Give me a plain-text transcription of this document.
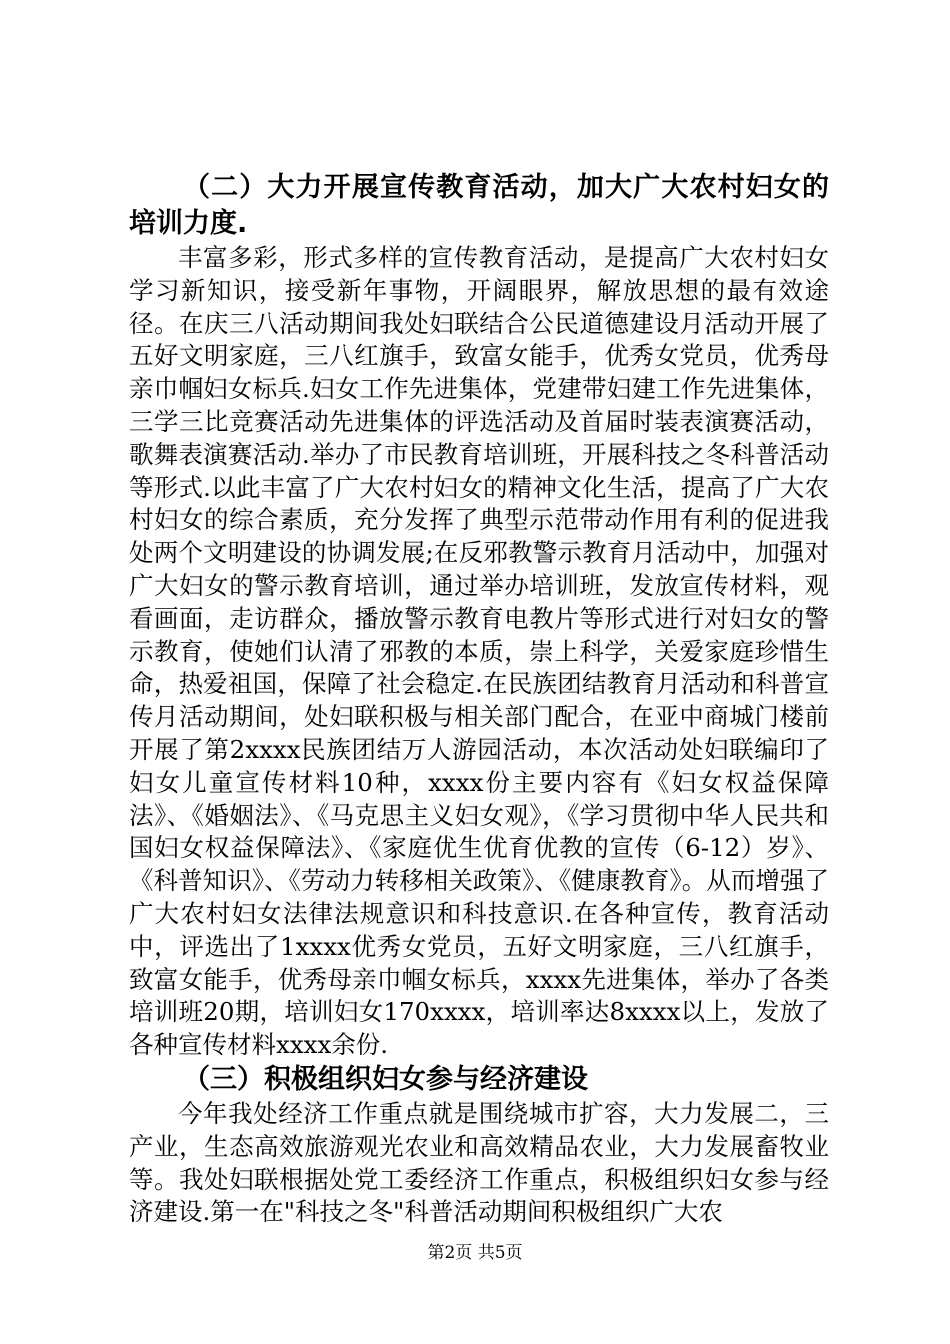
（二）大力开展宣传教育活动，加大广大农村妇女的培训力度.

丰富多彩，形式多样的宣传教育活动，是提高广大农村妇女学习新知识，接受新年事物，开阔眼界，解放思想的最有效途径。在庆三八活动期间我处妇联结合公民道德建设月活动开展了五好文明家庭，三八红旗手，致富女能手，优秀女党员，优秀母亲巾帼妇女标兵.妇女工作先进集体，党建带妇建工作先进集体，三学三比竞赛活动先进集体的评选活动及首届时装表演赛活动，歌舞表演赛活动.举办了市民教育培训班，开展科技之冬科普活动等形式.以此丰富了广大农村妇女的精神文化生活，提高了广大农村妇女的综合素质，充分发挥了典型示范带动作用有利的促进我处两个文明建设的协调发展;在反邪教警示教育月活动中，加强对广大妇女的警示教育培训，通过举办培训班，发放宣传材料，观看画面，走访群众，播放警示教育电教片等形式进行对妇女的警示教育，使她们认清了邪教的本质，崇上科学，关爱家庭珍惜生命，热爱祖国，保障了社会稳定.在民族团结教育月活动和科普宣传月活动期间，处妇联积极与相关部门配合，在亚中商城门楼前开展了第2xxxx民族团结万人游园活动，本次活动处妇联编印了妇女儿童宣传材料10种，xxxx份主要内容有《妇女权益保障法》、《婚姻法》、《马克思主义妇女观》，《学习贯彻中华人民共和国妇女权益保障法》、《家庭优生优育优教的宣传（6-12）岁》、《科普知识》、《劳动力转移相关政策》、《健康教育》。从而增强了广大农村妇女法律法规意识和科技意识.在各种宣传，教育活动中，评选出了1xxxx优秀女党员，五好文明家庭，三八红旗手，致富女能手，优秀母亲巾帼女标兵，xxxx先进集体，举办了各类培训班20期，培训妇女170xxxx，培训率达8xxxx以上，发放了各种宣传材料xxxx余份.

（三）积极组织妇女参与经济建设

今年我处经济工作重点就是围绕城市扩容，大力发展二，三产业，生态高效旅游观光农业和高效精品农业，大力发展畜牧业等。我处妇联根据处党工委经济工作重点，积极组织妇女参与经济建设.第一在"科技之冬"科普活动期间积极组织广大农

第2页 共5页
